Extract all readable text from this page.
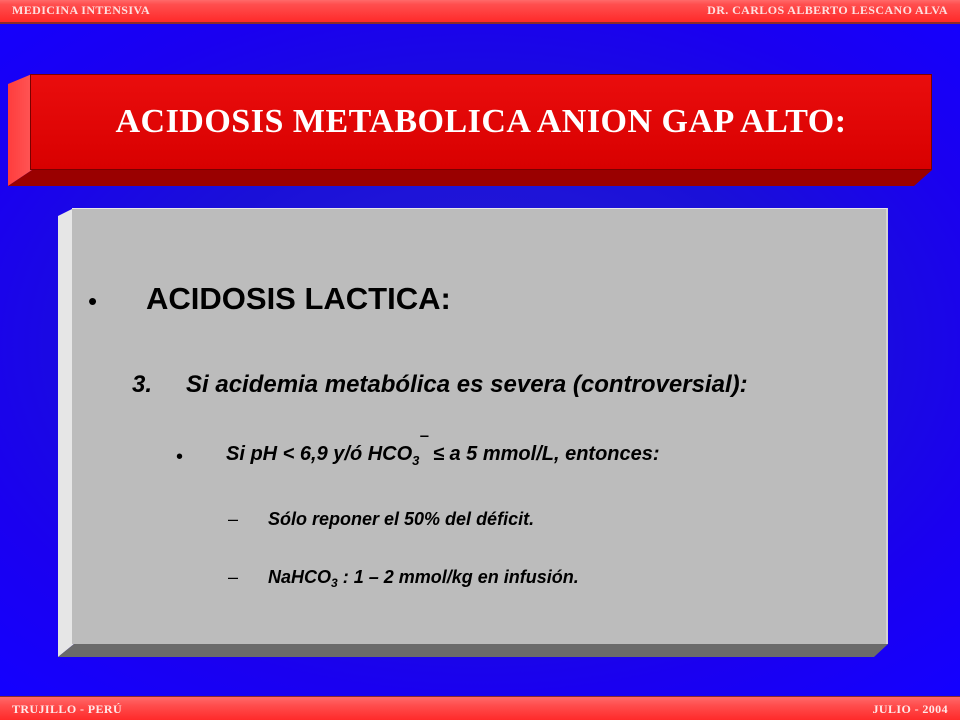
MEDICINA INTENSIVA	DR. CARLOS ALBERTO LESCANO ALVA
ACIDOSIS METABOLICA ANION GAP ALTO:
• ACIDOSIS LACTICA:
3. Si acidemia metabólica es severa (controversial):
• Si pH < 6,9 y/ó $HCO_3‾ \le a$ 5 mmol/L, entonces:
– Sólo reponer el 50% del déficit.
– NaHCO$_3$ : 1 – 2 mmol/kg en infusión.
TRUJILLO - PERÚ	JULIO - 2004
